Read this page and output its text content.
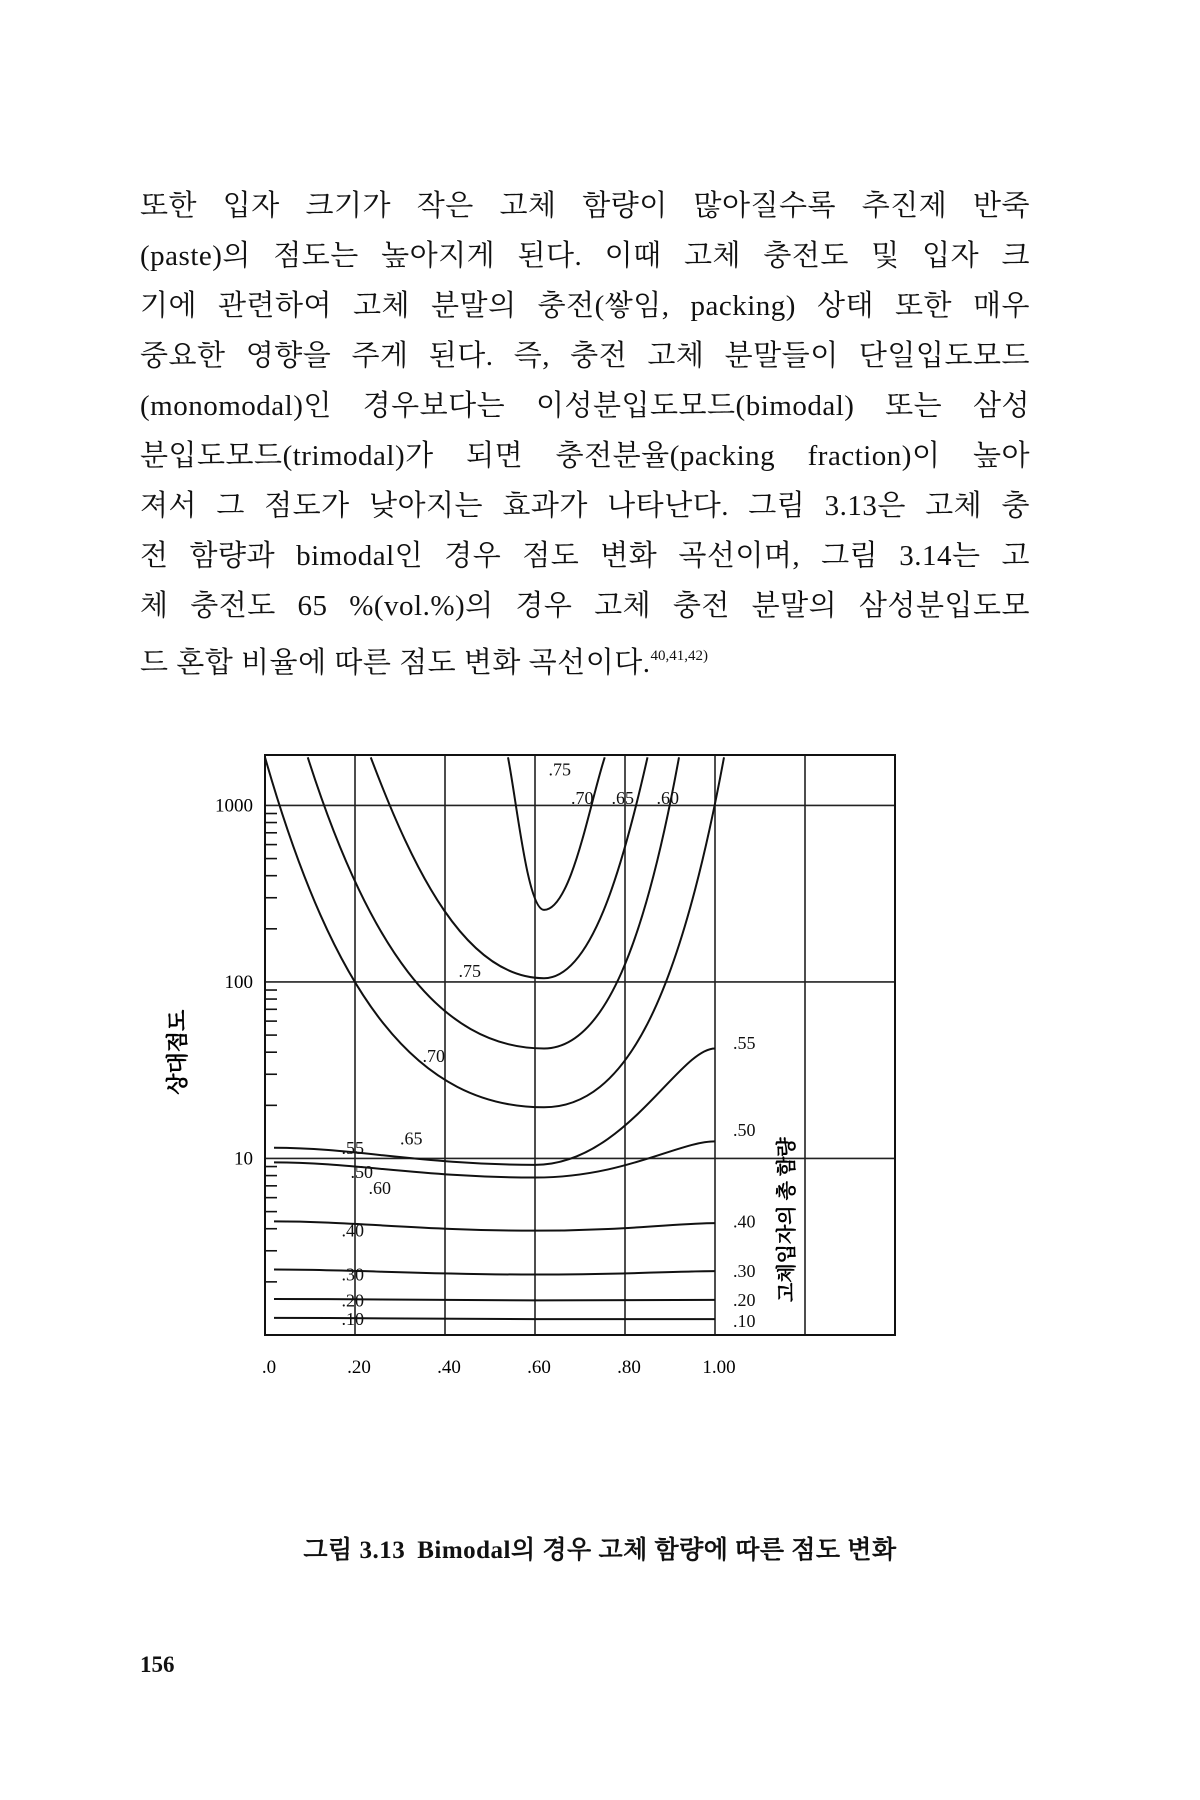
또한 입자 크기가 작은 고체 함량이 많아질수록 추진제 반죽
(paste)의 점도는 높아지게 된다. 이때 고체 충전도 및 입자 크
기에 관련하여 고체 분말의 충전(쌓임, packing) 상태 또한 매우
중요한 영향을 주게 된다. 즉, 충전 고체 분말들이 단일입도모드
(monomodal)인 경우보다는 이성분입도모드(bimodal) 또는 삼성
분입도모드(trimodal)가 되면 충전분율(packing fraction)이 높아
져서 그 점도가 낮아지는 효과가 나타난다. 그림 3.13은 고체 충
전 함량과 bimodal인 경우 점도 변화 곡선이며, 그림 3.14는 고
체 충전도 65 %(vol.%)의 경우 고체 충전 분말의 삼성분입도모
드 혼합 비율에 따른 점도 변화 곡선이다.$^{40,41,42)}$
10
100
1000
.0	.20	.40	.60	.80	1.00
.75
.75
.70
.70
.65
.65
.60
.60
.55
.55
.50
.50
.40	.40
.30	.30
.20	.20
.10	.10
상대점도
고체입자의 총 함량
그림 3.13 Bimodal의 경우 고체 함량에 따른 점도 변화
156
